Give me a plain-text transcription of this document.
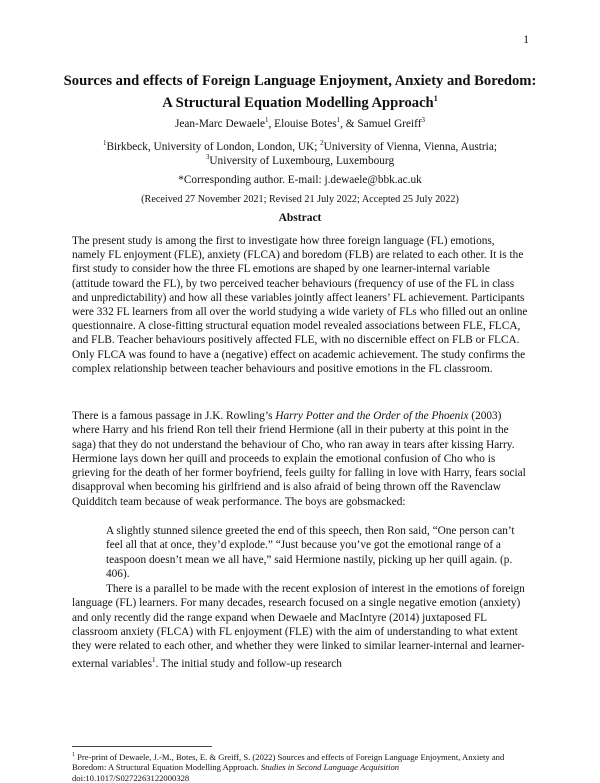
1
Sources and effects of Foreign Language Enjoyment, Anxiety and Boredom: A Structural Equation Modelling Approach$^1$
Jean-Marc Dewaele$^1$, Elouise Botes$^1$, & Samuel Greiff$^3$
$^1$Birkbeck, University of London, London, UK; $^2$University of Vienna, Vienna, Austria;
$^3$University of Luxembourg, Luxembourg
*Corresponding author. E-mail: j.dewaele@bbk.ac.uk
(Received 27 November 2021; Revised 21 July 2022; Accepted 25 July 2022)
Abstract

The present study is among the first to investigate how three foreign language (FL) emotions, namely FL enjoyment (FLE), anxiety (FLCA) and boredom (FLB) are related to each other. It is the first study to consider how the three FL emotions are shaped by one learner-internal variable (attitude toward the FL), by two perceived teacher behaviours (frequency of use of the FL in class and unpredictability) and how all these variables jointly affect leaners’ FL achievement. Participants were 332 FL learners from all over the world studying a wide variety of FLs who filled out an online questionnaire. A close-fitting structural equation model revealed associations between FLE, FLCA, and FLB. Teacher behaviours positively affected FLE, with no discernible effect on FLB or FLCA. Only FLCA was found to have a (negative) effect on academic achievement. The study confirms the complex relationship between teacher behaviours and positive emotions in the FL classroom.

There is a famous passage in J.K. Rowling’s Harry Potter and the Order of the Phoenix (2003) where Harry and his friend Ron tell their friend Hermione (all in their puberty at this point in the saga) that they do not understand the behaviour of Cho, who ran away in tears after kissing Harry. Hermione lays down her quill and proceeds to explain the emotional confusion of Cho who is grieving for the death of her former boyfriend, feels guilty for falling in love with Harry, fears social disapproval when becoming his girlfriend and is also afraid of being thrown off the Ravenclaw Quidditch team because of weak performance. The boys are gobsmacked:

A slightly stunned silence greeted the end of this speech, then Ron said, “One person can’t feel all that at once, they’d explode.” “Just because you’ve got the emotional range of a teaspoon doesn’t mean we all have,” said Hermione nastily, picking up her quill again. (p. 406).

There is a parallel to be made with the recent explosion of interest in the emotions of foreign language (FL) learners. For many decades, research focused on a single negative emotion (anxiety) and only recently did the range expand when Dewaele and MacIntyre (2014) juxtaposed FL classroom anxiety (FLCA) with FL enjoyment (FLE) with the aim of understanding to what extent they were related to each other, and whether they were linked to similar learner-internal and learner-external variables$^1$. The initial study and follow-up research

$^1$ Pre-print of Dewaele, J.-M., Botes, E. & Greiff, S. (2022) Sources and effects of Foreign Language Enjoyment, Anxiety and Boredom: A Structural Equation Modelling Approach. Studies in Second Language Acquisition
doi:10.1017/S0272263122000328
